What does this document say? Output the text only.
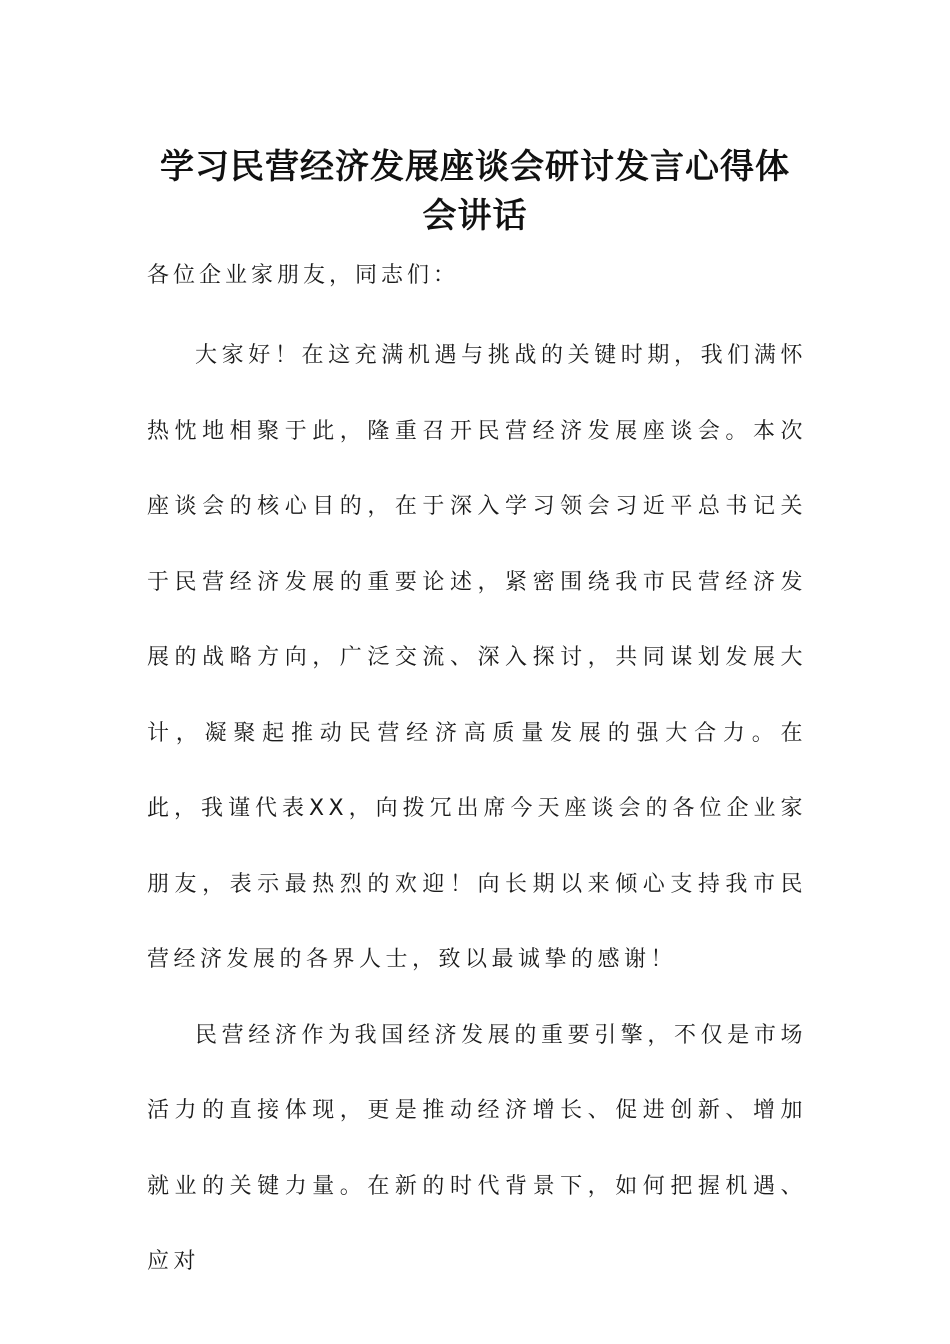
学习民营经济发展座谈会研讨发言心得体会讲话

各位企业家朋友，同志们：

大家好！在这充满机遇与挑战的关键时期，我们满怀热忱地相聚于此，隆重召开民营经济发展座谈会。本次座谈会的核心目的，在于深入学习领会习近平总书记关于民营经济发展的重要论述，紧密围绕我市民营经济发展的战略方向，广泛交流、深入探讨，共同谋划发展大计，凝聚起推动民营经济高质量发展的强大合力。在此，我谨代表XX，向拨冗出席今天座谈会的各位企业家朋友，表示最热烈的欢迎！向长期以来倾心支持我市民营经济发展的各界人士，致以最诚挚的感谢！

民营经济作为我国经济发展的重要引擎，不仅是市场活力的直接体现，更是推动经济增长、促进创新、增加就业的关键力量。在新的时代背景下，如何把握机遇、应对
